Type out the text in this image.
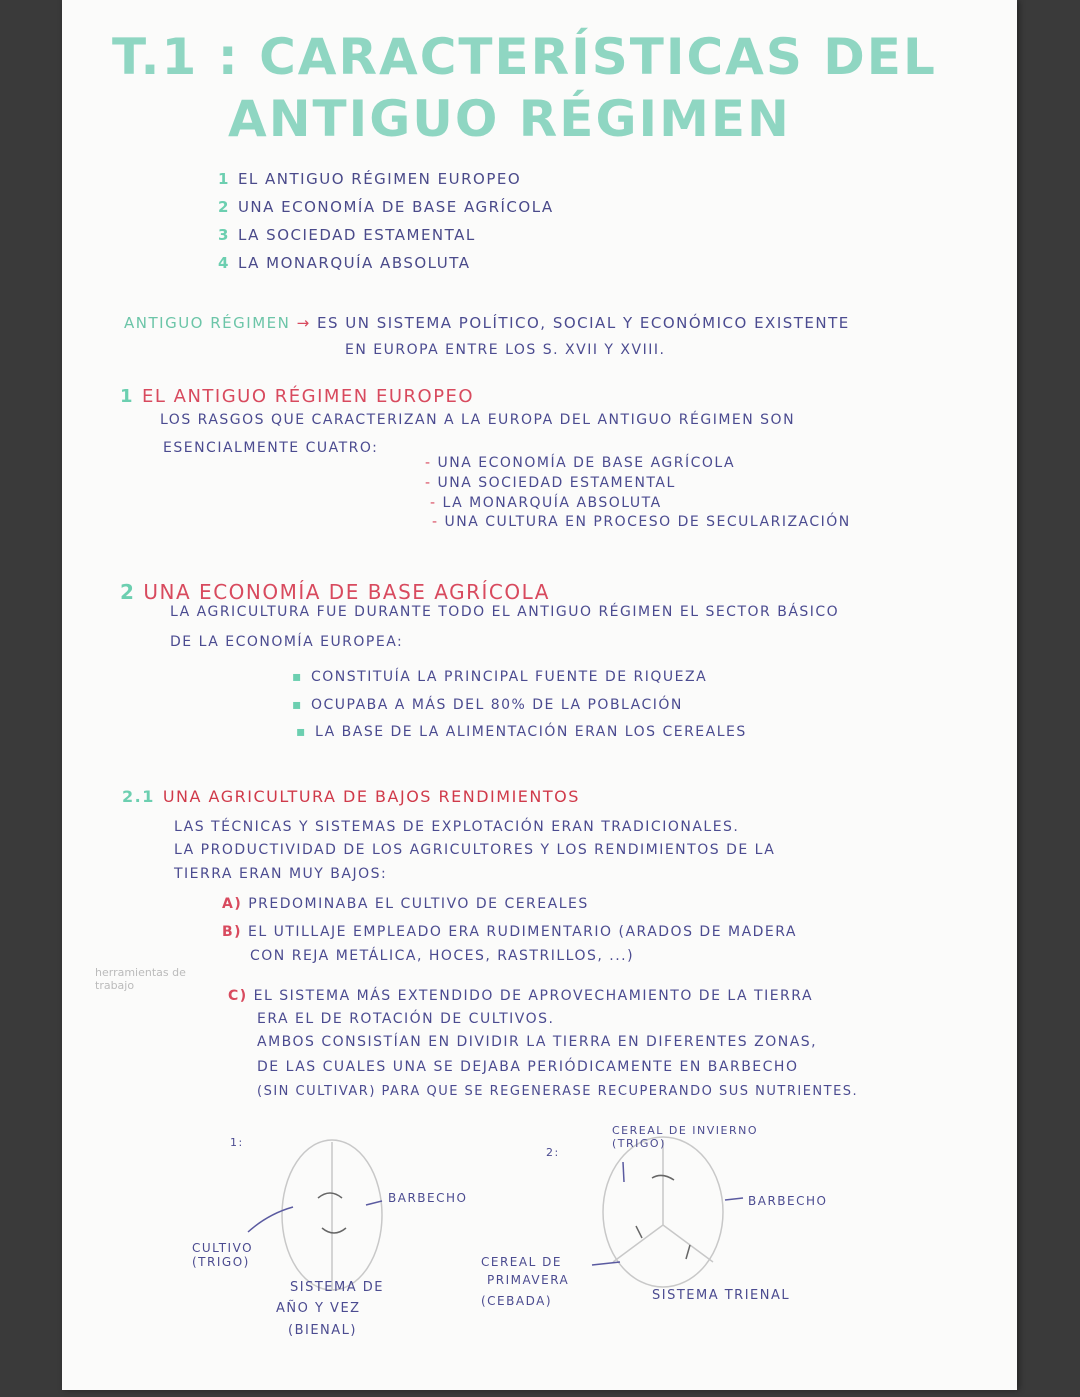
T.1 : CARACTERÍSTICAS DEL
ANTIGUO RÉGIMEN
1 EL ANTIGUO RÉGIMEN EUROPEO
2 UNA ECONOMÍA DE BASE AGRÍCOLA
3 LA SOCIEDAD ESTAMENTAL
4 LA MONARQUÍA ABSOLUTA
ANTIGUO RÉGIMEN → ES UN SISTEMA POLÍTICO, SOCIAL Y ECONÓMICO EXISTENTE
EN EUROPA ENTRE LOS S. XVII Y XVIII.
1 EL ANTIGUO RÉGIMEN EUROPEO
LOS RASGOS QUE CARACTERIZAN A LA EUROPA DEL ANTIGUO RÉGIMEN SON
ESENCIALMENTE CUATRO:
- UNA ECONOMÍA DE BASE AGRÍCOLA
- UNA SOCIEDAD ESTAMENTAL
- LA MONARQUÍA ABSOLUTA
- UNA CULTURA EN PROCESO DE SECULARIZACIÓN
2 UNA ECONOMÍA DE BASE AGRÍCOLA
LA AGRICULTURA FUE DURANTE TODO EL ANTIGUO RÉGIMEN EL SECTOR BÁSICO
DE LA ECONOMÍA EUROPEA:
▪ CONSTITUÍA LA PRINCIPAL FUENTE DE RIQUEZA
▪ OCUPABA A MÁS DEL 80% DE LA POBLACIÓN
▪ LA BASE DE LA ALIMENTACIÓN ERAN LOS CEREALES
2.1 UNA AGRICULTURA DE BAJOS RENDIMIENTOS
LAS TÉCNICAS Y SISTEMAS DE EXPLOTACIÓN ERAN TRADICIONALES.
LA PRODUCTIVIDAD DE LOS AGRICULTORES Y LOS RENDIMIENTOS DE LA
TIERRA ERAN MUY BAJOS:
A) PREDOMINABA EL CULTIVO DE CEREALES
B) EL UTILLAJE EMPLEADO ERA RUDIMENTARIO (ARADOS DE MADERA
CON REJA METÁLICA, HOCES, RASTRILLOS, ...)
herramientas de trabajo
C) EL SISTEMA MÁS EXTENDIDO DE APROVECHAMIENTO DE LA TIERRA
ERA EL DE ROTACIÓN DE CULTIVOS.
AMBOS CONSISTÍAN EN DIVIDIR LA TIERRA EN DIFERENTES ZONAS,
DE LAS CUALES UNA SE DEJABA PERIÓDICAMENTE EN BARBECHO
(SIN CULTIVAR) PARA QUE SE REGENERASE RECUPERANDO SUS NUTRIENTES.
1:
BARBECHO
CULTIVO (TRIGO)
SISTEMA DE
AÑO Y VEZ
(BIENAL)
2:
CEREAL DE INVIERNO (TRIGO)
BARBECHO
CEREAL DE
PRIMAVERA
(CEBADA)	SISTEMA TRIENAL
